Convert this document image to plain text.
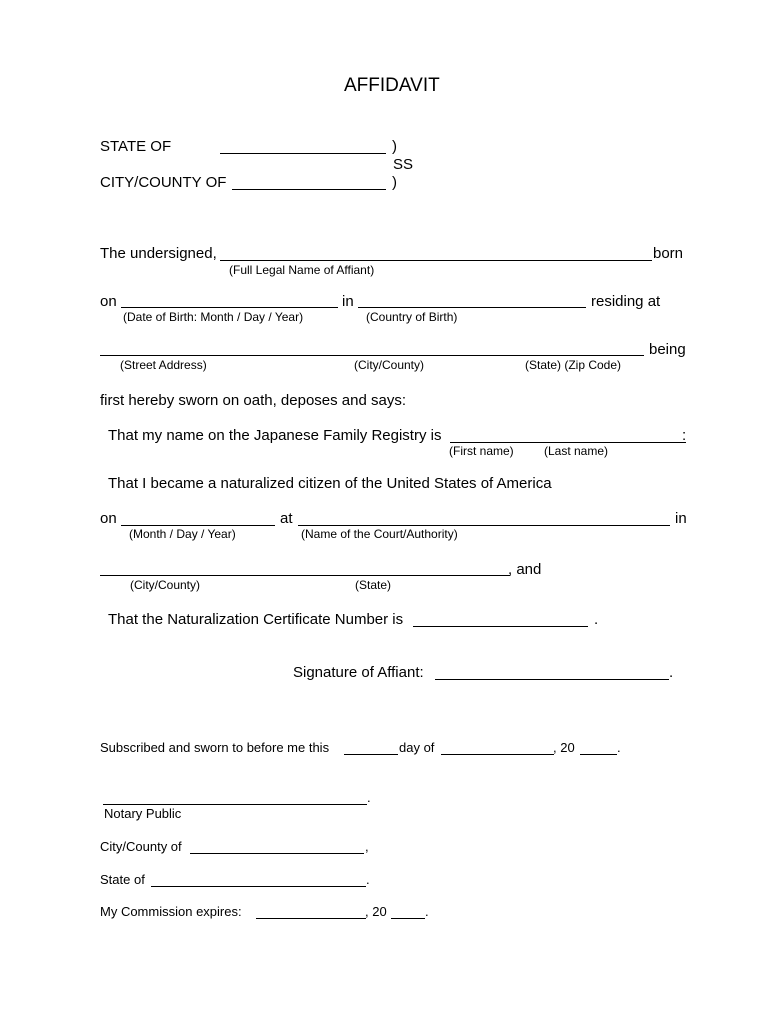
AFFIDAVIT
STATE OF	)
SS
CITY/COUNTY OF	)
The undersigned,	born
(Full Legal Name of Affiant)
on	in	residing at
(Date of Birth: Month / Day / Year)	(Country of Birth)
being
(Street Address)	(City/County)	(State) (Zip Code)
first hereby sworn on oath, deposes and says:
That my name on the Japanese Family Registry is	:
(First name)	(Last name)
That I became a naturalized citizen of the United States of America
on	at	in
(Month / Day / Year)	(Name of the Court/Authority)
, and
(City/County)	(State)
That the Naturalization Certificate Number is	.
Signature of Affiant:	.
Subscribed and sworn to before me this	day of	, 20	.
.
Notary Public
City/County of	,
State of	.
My Commission expires:	, 20	.
